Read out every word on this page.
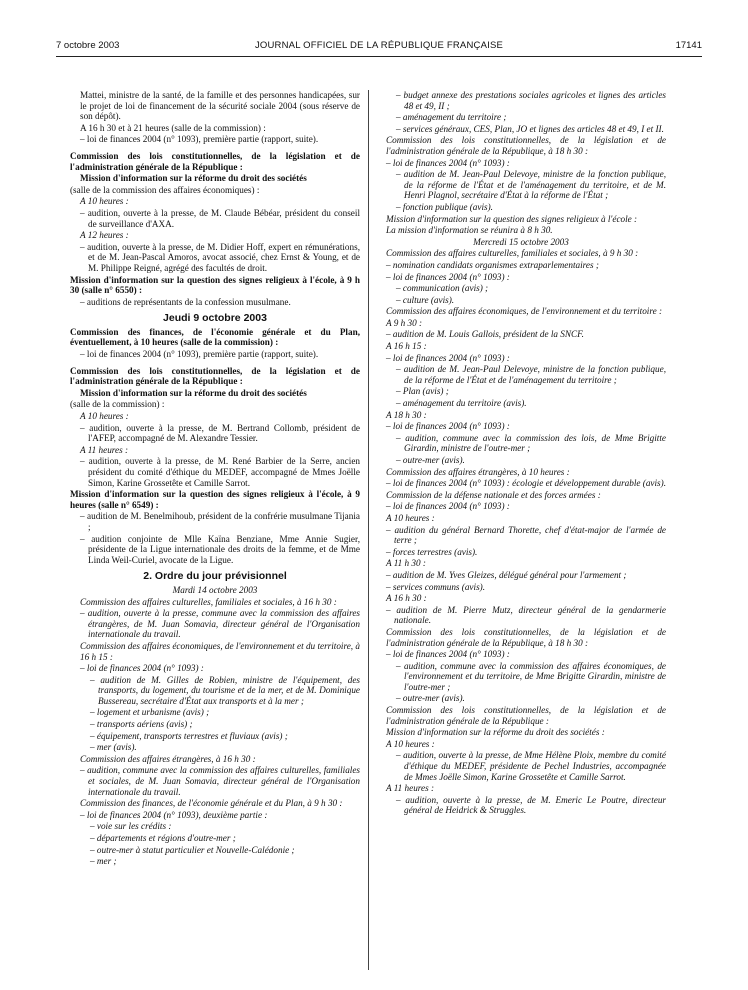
7 octobre 2003	JOURNAL OFFICIEL DE LA RÉPUBLIQUE FRANÇAISE	17141
Mattei, ministre de la santé, de la famille et des personnes handicapées, sur le projet de loi de financement de la sécurité sociale 2004 (sous réserve de son dépôt).
A 16 h 30 et à 21 heures (salle de la commission) :
– loi de finances 2004 (n° 1093), première partie (rapport, suite).
Commission des lois constitutionnelles, de la législation et de l'administration générale de la République :
Mission d'information sur la réforme du droit des sociétés
(salle de la commission des affaires économiques) :
A 10 heures :
– audition, ouverte à la presse, de M. Claude Bébéar, président du conseil de surveillance d'AXA.
A 12 heures :
– audition, ouverte à la presse, de M. Didier Hoff, expert en rémunérations, et de M. Jean-Pascal Amoros, avocat associé, chez Ernst & Young, et de M. Philippe Reigné, agrégé des facultés de droit.
Mission d'information sur la question des signes religieux à l'école, à 9 h 30 (salle n° 6550) :
– auditions de représentants de la confession musulmane.
Jeudi 9 octobre 2003
Commission des finances, de l'économie générale et du Plan, éventuellement, à 10 heures (salle de la commission) :
– loi de finances 2004 (n° 1093), première partie (rapport, suite).
Commission des lois constitutionnelles, de la législation et de l'administration générale de la République :
Mission d'information sur la réforme du droit des sociétés
(salle de la commission) :
A 10 heures :
– audition, ouverte à la presse, de M. Bertrand Collomb, président de l'AFEP, accompagné de M. Alexandre Tessier.
A 11 heures :
– audition, ouverte à la presse, de M. René Barbier de la Serre, ancien président du comité d'éthique du MEDEF, accompagné de Mmes Joëlle Simon, Karine Grossetête et Camille Sarrot.
Mission d'information sur la question des signes religieux à l'école, à 9 heures (salle n° 6549) :
– audition de M. Benelmihoub, président de la confrérie musulmane Tijania ;
– audition conjointe de Mlle Kaïna Benziane, Mme Annie Sugier, présidente de la Ligue internationale des droits de la femme, et de Mme Linda Weil-Curiel, avocate de la Ligue.
2. Ordre du jour prévisionnel
Mardi 14 octobre 2003
Commission des affaires culturelles, familiales et sociales, à 16 h 30 :
– audition, ouverte à la presse, commune avec la commission des affaires étrangères, de M. Juan Somavia, directeur général de l'Organisation internationale du travail.
Commission des affaires économiques, de l'environnement et du territoire, à 16 h 15 :
– loi de finances 2004 (n° 1093) :
– audition de M. Gilles de Robien, ministre de l'équipement, des transports, du logement, du tourisme et de la mer, et de M. Dominique Bussereau, secrétaire d'État aux transports et à la mer ;
– logement et urbanisme (avis) ;
– transports aériens (avis) ;
– équipement, transports terrestres et fluviaux (avis) ;
– mer (avis).
Commission des affaires étrangères, à 16 h 30 :
– audition, commune avec la commission des affaires culturelles, familiales et sociales, de M. Juan Somavia, directeur général de l'Organisation internationale du travail.
Commission des finances, de l'économie générale et du Plan, à 9 h 30 :
– loi de finances 2004 (n° 1093), deuxième partie :
– voie sur les crédits :
– départements et régions d'outre-mer ;
– outre-mer à statut particulier et Nouvelle-Calédonie ;
– mer ;
– budget annexe des prestations sociales agricoles et lignes des articles 48 et 49, II ;
– aménagement du territoire ;
– services généraux, CES, Plan, JO et lignes des articles 48 et 49, I et II.
Commission des lois constitutionnelles, de la législation et de l'administration générale de la République, à 18 h 30 :
– loi de finances 2004 (n° 1093) :
– audition de M. Jean-Paul Delevoye, ministre de la fonction publique, de la réforme de l'État et de l'aménagement du territoire, et de M. Henri Plagnol, secrétaire d'État à la réforme de l'État ;
– fonction publique (avis).
Mission d'information sur la question des signes religieux à l'école :
La mission d'information se réunira à 8 h 30.
Mercredi 15 octobre 2003
Commission des affaires culturelles, familiales et sociales, à 9 h 30 :
– nomination candidats organismes extraparlementaires ;
– loi de finances 2004 (n° 1093) :
– communication (avis) ;
– culture (avis).
Commission des affaires économiques, de l'environnement et du territoire :
A 9 h 30 :
– audition de M. Louis Gallois, président de la SNCF.
A 16 h 15 :
– loi de finances 2004 (n° 1093) :
– audition de M. Jean-Paul Delevoye, ministre de la fonction publique, de la réforme de l'État et de l'aménagement du territoire ;
– Plan (avis) ;
– aménagement du territoire (avis).
A 18 h 30 :
– loi de finances 2004 (n° 1093) :
– audition, commune avec la commission des lois, de Mme Brigitte Girardin, ministre de l'outre-mer ;
– outre-mer (avis).
Commission des affaires étrangères, à 10 heures :
– loi de finances 2004 (n° 1093) : écologie et développement durable (avis).
Commission de la défense nationale et des forces armées :
– loi de finances 2004 (n° 1093) :
A 10 heures :
– audition du général Bernard Thorette, chef d'état-major de l'armée de terre ;
– forces terrestres (avis).
A 11 h 30 :
– audition de M. Yves Gleizes, délégué général pour l'armement ;
– services communs (avis).
A 16 h 30 :
– audition de M. Pierre Mutz, directeur général de la gendarmerie nationale.
Commission des lois constitutionnelles, de la législation et de l'administration générale de la République, à 18 h 30 :
– loi de finances 2004 (n° 1093) :
– audition, commune avec la commission des affaires économiques, de l'environnement et du territoire, de Mme Brigitte Girardin, ministre de l'outre-mer ;
– outre-mer (avis).
Commission des lois constitutionnelles, de la législation et de l'administration générale de la République :
Mission d'information sur la réforme du droit des sociétés :
A 10 heures :
– audition, ouverte à la presse, de Mme Hélène Ploix, membre du comité d'éthique du MEDEF, présidente de Pechel Industries, accompagnée de Mmes Joëlle Simon, Karine Grossetête et Camille Sarrot.
A 11 heures :
– audition, ouverte à la presse, de M. Emeric Le Poutre, directeur général de Heidrick & Struggles.
